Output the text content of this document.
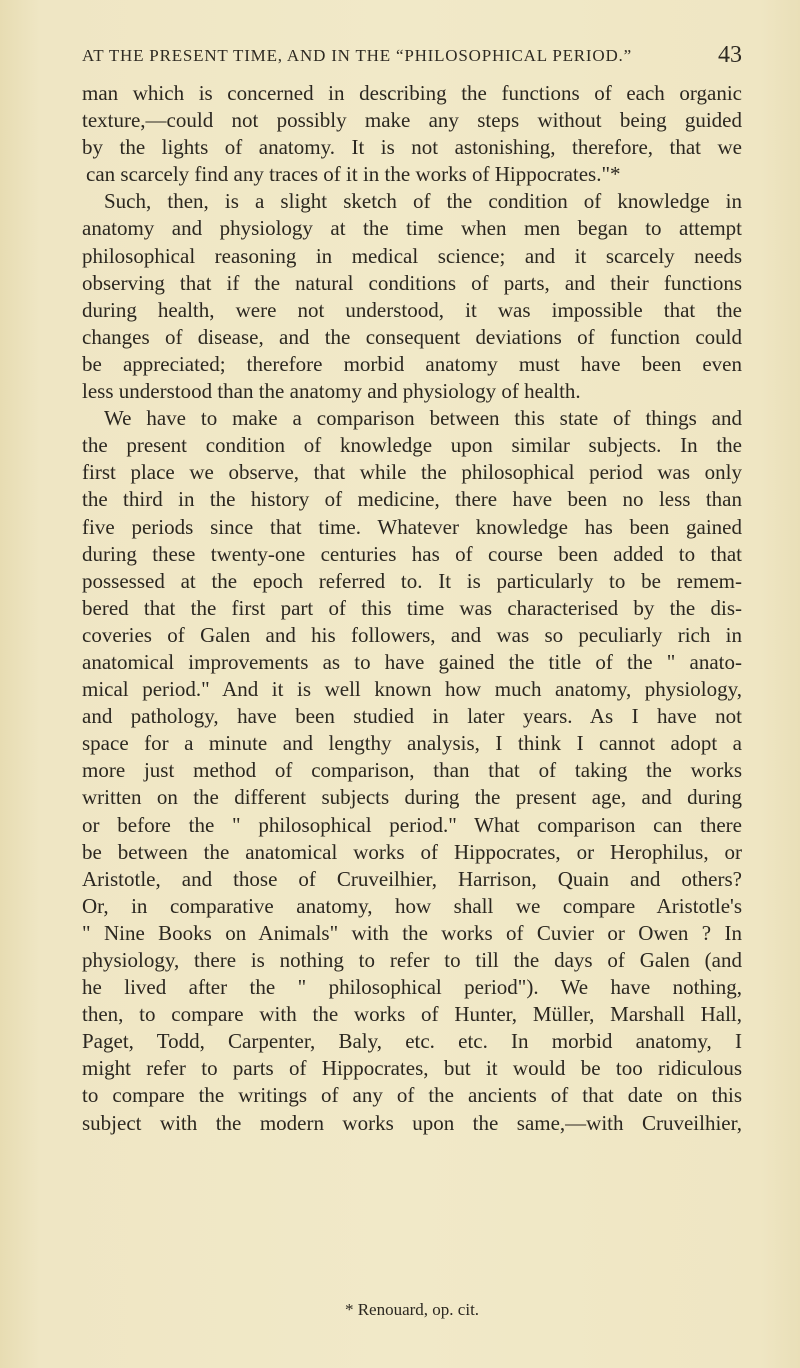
AT THE PRESENT TIME, AND IN THE “PHILOSOPHICAL PERIOD.”	43
man which is concerned in describing the functions of each organic
texture,—could not possibly make any steps without being guided
by the lights of anatomy. It is not astonishing, therefore, that we
can scarcely find any traces of it in the works of Hippocrates."*
Such, then, is a slight sketch of the condition of knowledge in
anatomy and physiology at the time when men began to attempt
philosophical reasoning in medical science; and it scarcely needs
observing that if the natural conditions of parts, and their functions
during health, were not understood, it was impossible that the
changes of disease, and the consequent deviations of function could
be appreciated; therefore morbid anatomy must have been even
less understood than the anatomy and physiology of health.
We have to make a comparison between this state of things and
the present condition of knowledge upon similar subjects. In the
first place we observe, that while the philosophical period was only
the third in the history of medicine, there have been no less than
five periods since that time. Whatever knowledge has been gained
during these twenty-one centuries has of course been added to that
possessed at the epoch referred to. It is particularly to be remem-
bered that the first part of this time was characterised by the dis-
coveries of Galen and his followers, and was so peculiarly rich in
anatomical improvements as to have gained the title of the " anato-
mical period." And it is well known how much anatomy, physiology,
and pathology, have been studied in later years. As I have not
space for a minute and lengthy analysis, I think I cannot adopt a
more just method of comparison, than that of taking the works
written on the different subjects during the present age, and during
or before the " philosophical period." What comparison can there
be between the anatomical works of Hippocrates, or Herophilus, or
Aristotle, and those of Cruveilhier, Harrison, Quain and others?
Or, in comparative anatomy, how shall we compare Aristotle's
" Nine Books on Animals" with the works of Cuvier or Owen ? In
physiology, there is nothing to refer to till the days of Galen (and
he lived after the " philosophical period"). We have nothing,
then, to compare with the works of Hunter, Müller, Marshall Hall,
Paget, Todd, Carpenter, Baly, etc. etc. In morbid anatomy, I
might refer to parts of Hippocrates, but it would be too ridiculous
to compare the writings of any of the ancients of that date on this
subject with the modern works upon the same,—with Cruveilhier,
* Renouard, op. cit.
